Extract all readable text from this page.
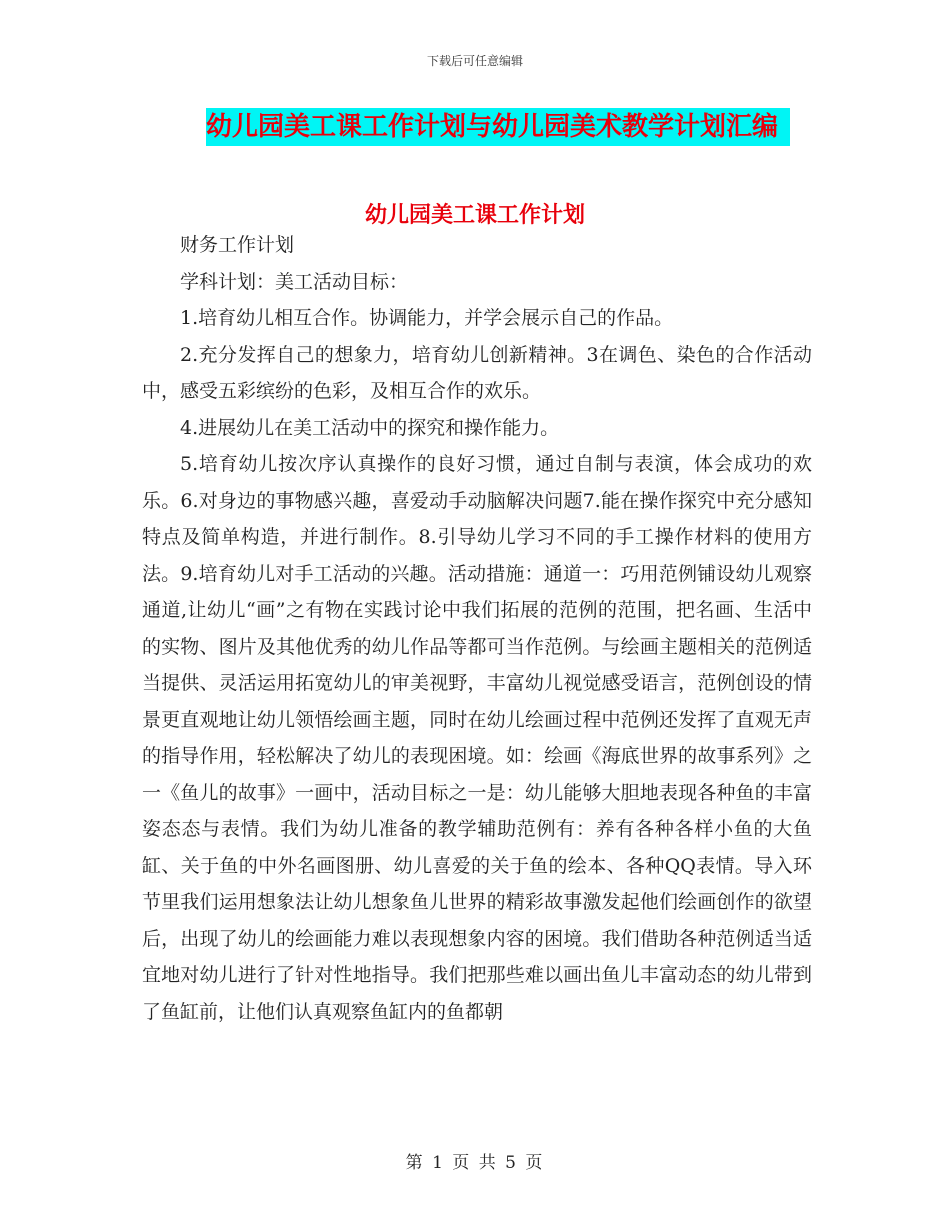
下载后可任意编辑
幼儿园美工课工作计划与幼儿园美术教学计划汇编
幼儿园美工课工作计划

财务工作计划

学科计划：美工活动目标：

1.培育幼儿相互合作。协调能力，并学会展示自己的作品。

2.充分发挥自己的想象力，培育幼儿创新精神。3在调色、染色的合作活动中，感受五彩缤纷的色彩，及相互合作的欢乐。

4.进展幼儿在美工活动中的探究和操作能力。

5.培育幼儿按次序认真操作的良好习惯，通过自制与表演，体会成功的欢乐。6.对身边的事物感兴趣，喜爱动手动脑解决问题7.能在操作探究中充分感知特点及简单构造，并进行制作。8.引导幼儿学习不同的手工操作材料的使用方法。9.培育幼儿对手工活动的兴趣。活动措施：通道一：巧用范例铺设幼儿观察通道,让幼儿“画”之有物在实践讨论中我们拓展的范例的范围，把名画、生活中的实物、图片及其他优秀的幼儿作品等都可当作范例。与绘画主题相关的范例适当提供、灵活运用拓宽幼儿的审美视野，丰富幼儿视觉感受语言，范例创设的情景更直观地让幼儿领悟绘画主题，同时在幼儿绘画过程中范例还发挥了直观无声的指导作用，轻松解决了幼儿的表现困境。如：绘画《海底世界的故事系列》之一《鱼儿的故事》一画中，活动目标之一是：幼儿能够大胆地表现各种鱼的丰富姿态态与表情。我们为幼儿准备的教学辅助范例有：养有各种各样小鱼的大鱼缸、关于鱼的中外名画图册、幼儿喜爱的关于鱼的绘本、各种QQ表情。导入环节里我们运用想象法让幼儿想象鱼儿世界的精彩故事激发起他们绘画创作的欲望后，出现了幼儿的绘画能力难以表现想象内容的困境。我们借助各种范例适当适宜地对幼儿进行了针对性地指导。我们把那些难以画出鱼儿丰富动态的幼儿带到了鱼缸前，让他们认真观察鱼缸内的鱼都朝

第 1 页 共 5 页
